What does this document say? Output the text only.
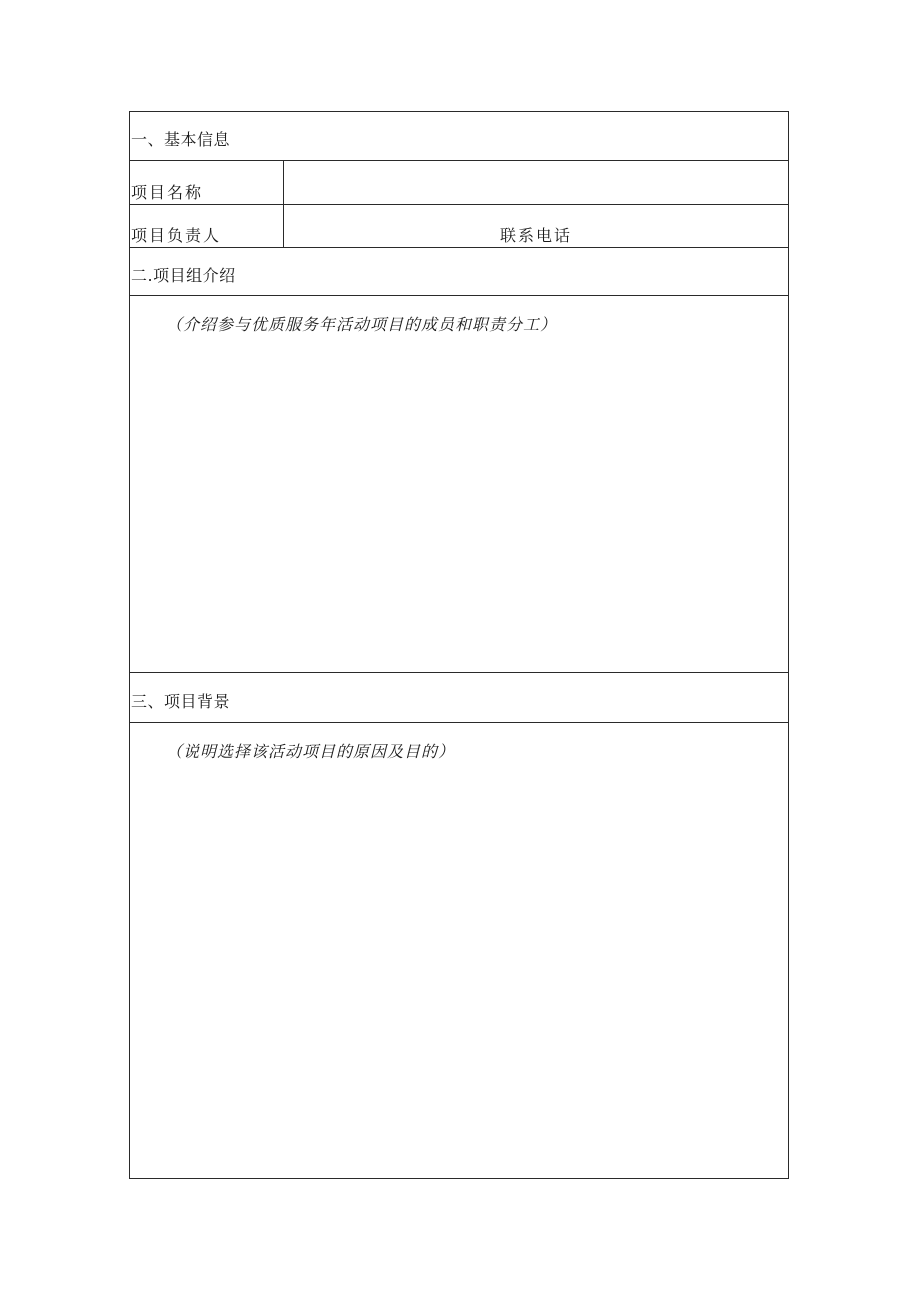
一、基本信息
项目名称
项目负责人	联系电话
二.项目组介绍
（介绍参与优质服务年活动项目的成员和职责分工）
三、项目背景
（说明选择该活动项目的原因及目的）
